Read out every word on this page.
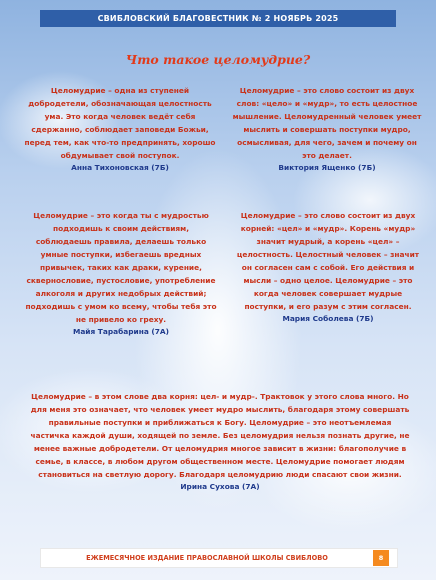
СВИБЛОВСКИЙ БЛАГОВЕСТНИК № 2 НОЯБРЬ 2025
Что такое целомудрие?
Целомудрие – одна из ступеней добродетели, обозначающая целостность ума. Это когда человек ведёт себя сдержанно, соблюдает заповеди Божьи, перед тем, как что-то предпринять, хорошо обдумывает свой поступок.
Анна Тихоновская (7Б)
Целомудрие – это слово состоит из двух слов: «цело» и «мудр», то есть целостное мышление. Целомудренный человек умеет мыслить и совершать поступки мудро, осмысливая, для чего, зачем и почему он это делает.
Виктория Ященко (7Б)
Целомудрие – это когда ты с мудростью подходишь к своим действиям, соблюдаешь правила, делаешь только умные поступки, избегаешь вредных привычек, таких как драки, курение, сквернословие, пустословие, употребление алкоголя и других недобрых действий; подходишь с умом ко всему, чтобы тебя это не привело ко греху.
Майя Тарабарина (7А)
Целомудрие – это слово состоит из двух корней: «цел» и «мудр». Корень «мудр» значит мудрый, а корень «цел» – целостность. Целостный человек – значит он согласен сам с собой. Его действия и мысли – одно целое. Целомудрие – это когда человек совершает мудрые поступки, и его разум с этим согласен.
Мария Соболева (7Б)
Целомудрие – в этом слове два корня: цел- и мудр-. Трактовок у этого слова много. Но для меня это означает, что человек умеет мудро мыслить, благодаря этому совершать правильные поступки и приближаться к Богу. Целомудрие – это неотъемлемая частичка каждой души, ходящей по земле. Без целомудрия нельзя познать другие, не менее важные добродетели. От целомудрия многое зависит в жизни: благополучие в семье, в классе, в любом другом общественном месте. Целомудрие помогает людям становиться на светлую дорогу. Благодаря целомудрию люди спасают свои жизни.
Ирина Сухова (7А)
ЕЖЕМЕСЯЧНОЕ ИЗДАНИЕ ПРАВОСЛАВНОЙ ШКОЛЫ СВИБЛОВО	8
